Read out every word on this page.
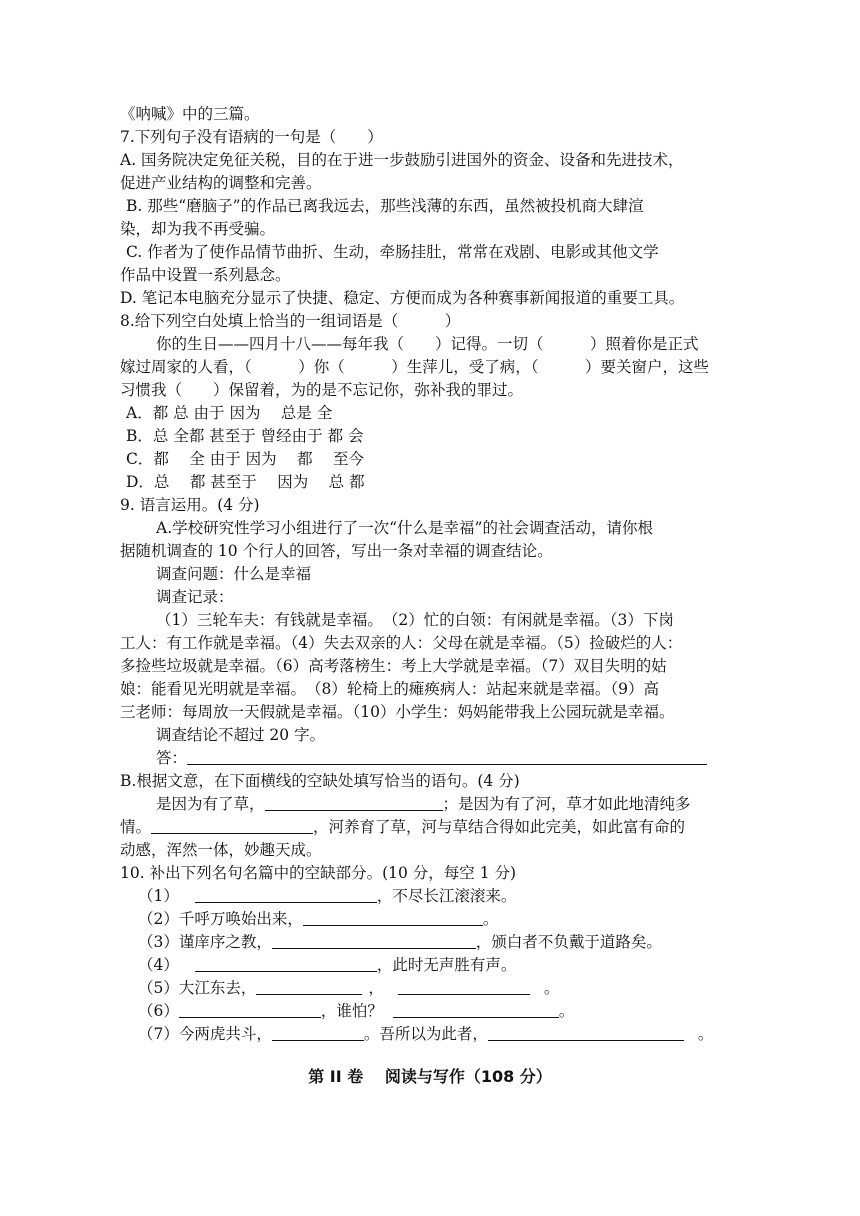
《呐喊》中的三篇。
7.下列句子没有语病的一句是（　　）
A. 国务院决定免征关税，目的在于进一步鼓励引进国外的资金、设备和先进技术，
促进产业结构的调整和完善。
B. 那些“磨脑子”的作品已离我远去，那些浅薄的东西，虽然被投机商大肆渲
染，却为我不再受骗。
C. 作者为了使作品情节曲折、生动，牵肠挂肚，常常在戏剧、电影或其他文学
作品中设置一系列悬念。
D. 笔记本电脑充分显示了快捷、稳定、方便而成为各种赛事新闻报道的重要工具。
8.给下列空白处填上恰当的一组词语是（　　　）
你的生日——四月十八——每年我（　　）记得。一切（　　　）照着你是正式
嫁过周家的人看，（　　　）你（　　　）生萍儿，受了病，（　　　）要关窗户，这些
习惯我（　　）保留着，为的是不忘记你，弥补我的罪过。
A．都 总 由于 因为　 总是 全
B．总 全都 甚至于 曾经由于 都 会
C．都　 全 由于 因为　 都　 至今
D．总　 都 甚至于　 因为　 总 都
9. 语言运用。(4 分)
A.学校研究性学习小组进行了一次“什么是幸福”的社会调查活动，请你根
据随机调查的 10 个行人的回答，写出一条对幸福的调查结论。
调查问题：什么是幸福
调查记录：
（1）三轮车夫：有钱就是幸福。　（2）忙的白领：有闲就是幸福。（3）下岗
工人：有工作就是幸福。（4）失去双亲的人：父母在就是幸福。（5）捡破烂的人：
多捡些垃圾就是幸福。（6）高考落榜生：考上大学就是幸福。（7）双目失明的姑
娘：能看见光明就是幸福。　（8）轮椅上的瘫痪病人：站起来就是幸福。（9）高
三老师：每周放一天假就是幸福。（10）小学生：妈妈能带我上公园玩就是幸福。
调查结论不超过 20 字。
答：
B.根据文意，在下面横线的空缺处填写恰当的语句。(4 分)
是因为有了草，	；是因为有了河，草才如此地清纯多
情。	，河养育了草，河与草结合得如此完美，如此富有命的
动感，浑然一体，妙趣天成。
10. 补出下列名句名篇中的空缺部分。(10 分，每空 1 分)
（1）	，不尽长江滚滚来。
（2）千呼万唤始出来，	。
（3）谨庠序之教，	，颁白者不负戴于道路矣。
（4）	，此时无声胜有声。
（5）大江东去，	，	。
（6）	，谁怕？	。
（7）今两虎共斗，	。吾所以为此者，	。
第 II 卷　 阅读与写作（108 分）
